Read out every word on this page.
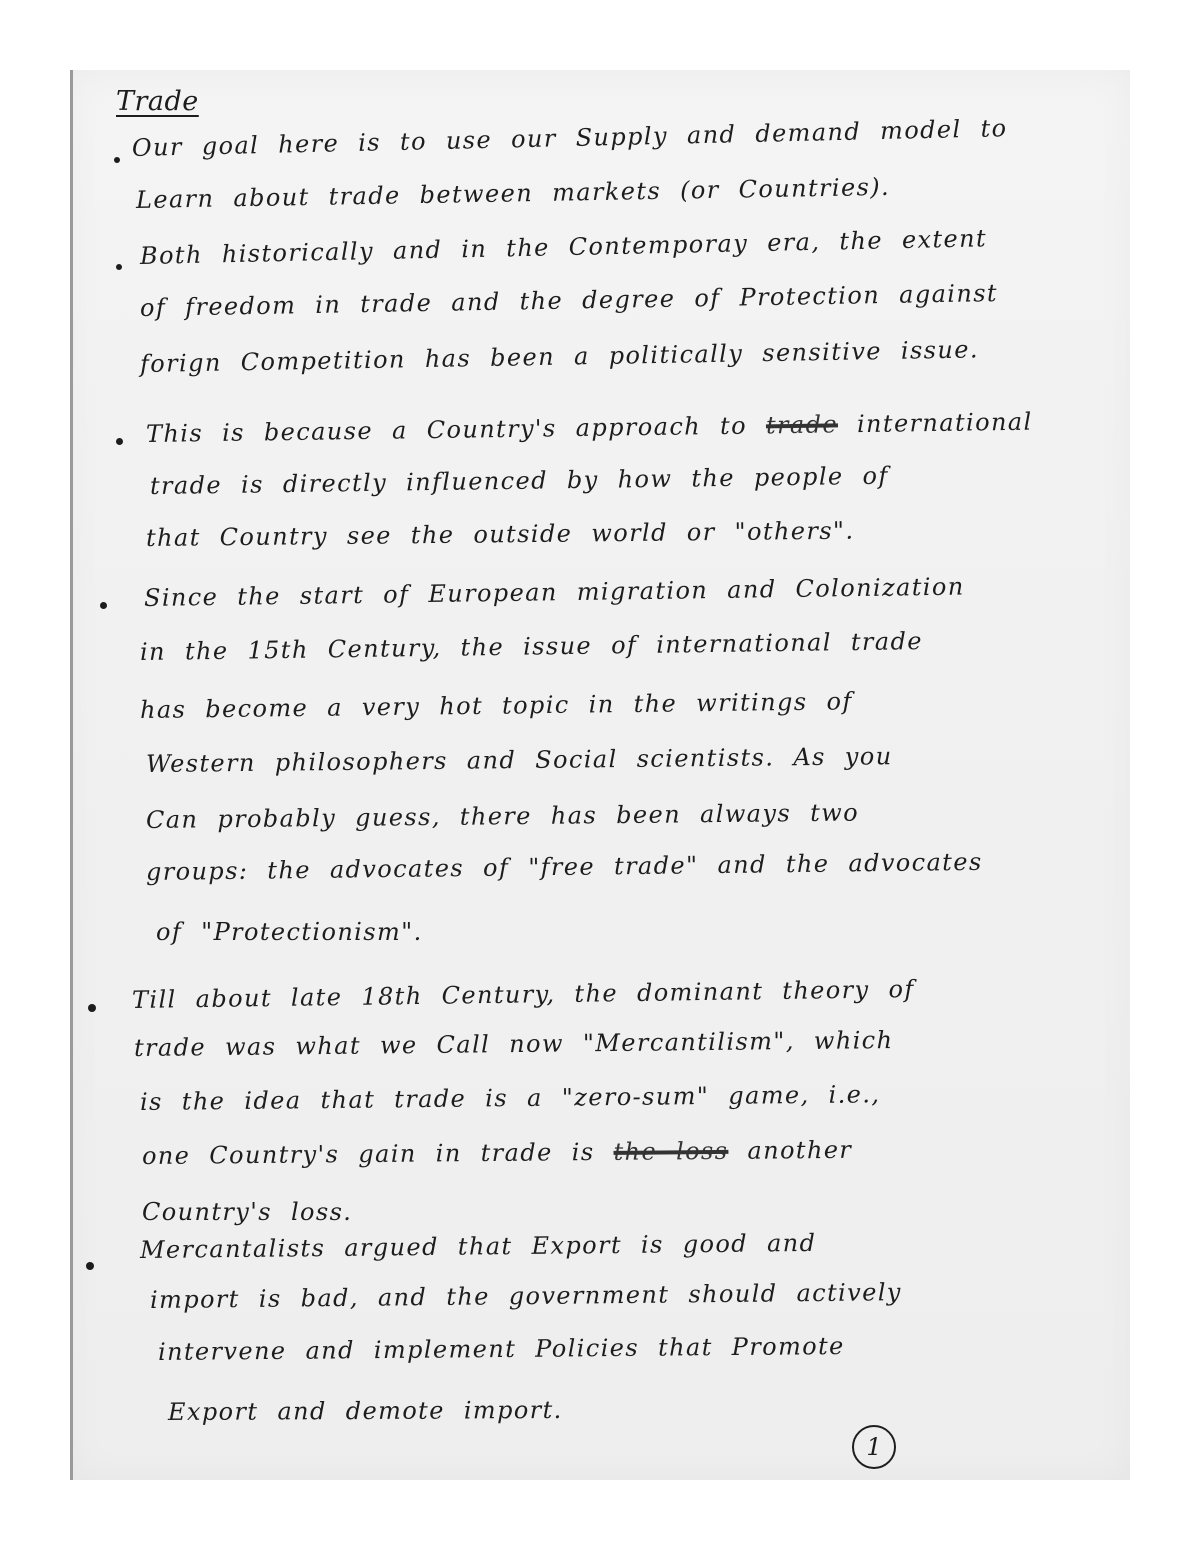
Trade
Our goal here is to use our Supply and demand model to
Learn about trade between markets (or Countries).
Both historically and in the Contemporay era, the extent
of freedom in trade and the degree of Protection against
forign Competition has been a politically sensitive issue.
This is because a Country's approach to trade international
trade is directly influenced by how the people of
that Country see the outside world or "others".
Since the start of European migration and Colonization
in the 15th Century, the issue of international trade
has become a very hot topic in the writings of
Western philosophers and Social scientists. As you
Can probably guess, there has been always two
groups: the advocates of "free trade" and the advocates
of "Protectionism".
Till about late 18th Century, the dominant theory of
trade was what we Call now "Mercantilism", which
is the idea that trade is a "zero-sum" game, i.e.,
one Country's gain in trade is the loss another
Country's loss.
Mercantalists argued that Export is good and
import is bad, and the government should actively
intervene and implement Policies that Promote
Export and demote import.
1
